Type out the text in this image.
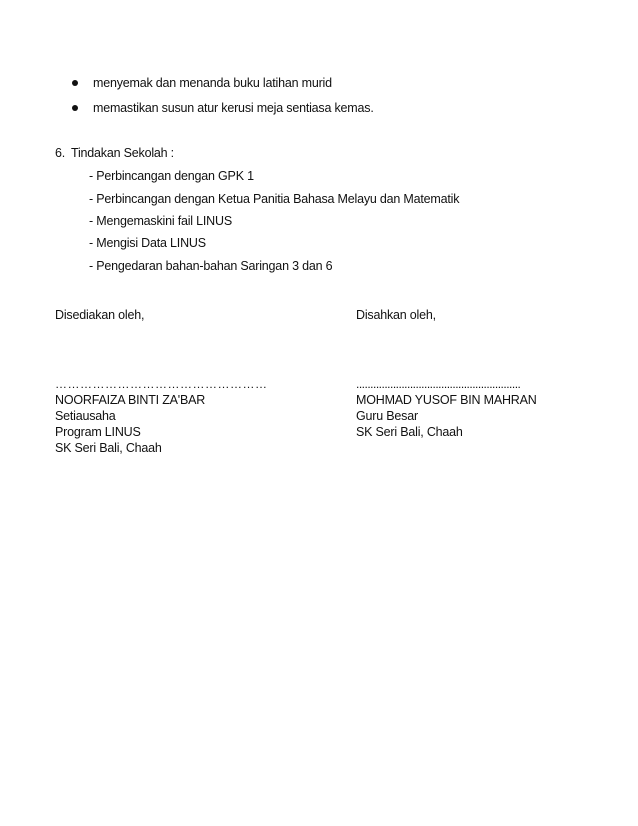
menyemak dan menanda buku latihan murid
memastikan susun atur kerusi meja sentiasa kemas.
6. Tindakan Sekolah :
- Perbincangan dengan GPK 1
- Perbincangan dengan Ketua Panitia Bahasa Melayu dan Matematik
- Mengemaskini fail LINUS
- Mengisi Data LINUS
- Pengedaran bahan-bahan Saringan 3 dan 6
Disediakan oleh,	Disahkan oleh,
……………………………………………
NOORFAIZA BINTI ZA'BAR
Setiausaha
Program LINUS
SK Seri Bali, Chaah
..........................................................
MOHMAD YUSOF BIN MAHRAN
Guru Besar
SK Seri Bali, Chaah
